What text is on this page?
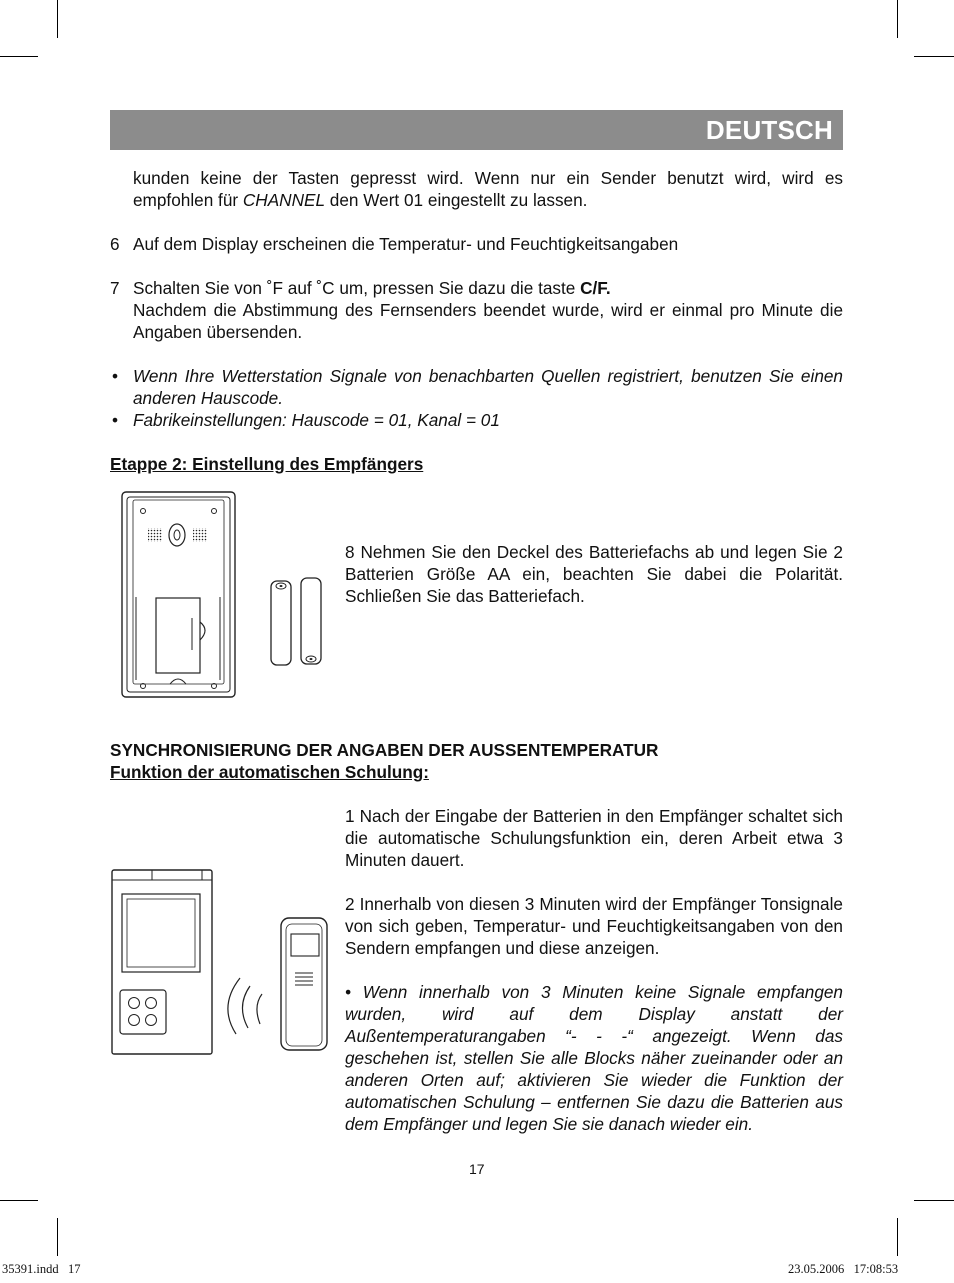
DEUTSCH

kunden keine der Tasten gepresst wird. Wenn nur ein Sender benutzt wird, wird es empfohlen für CHANNEL den Wert 01 eingestellt zu lassen.

6 Auf dem Display erscheinen die Temperatur- und Feuchtigkeitsangaben

7 Schalten Sie von ˚F auf ˚C um, pressen Sie dazu die taste C/F.

Nachdem die Abstimmung des Fernsenders beendet wurde, wird er einmal pro Minute die Angaben übersenden.

• Wenn Ihre Wetterstation Signale von benachbarten Quellen registriert, benutzen Sie einen anderen Hauscode.

• Fabrikeinstellungen: Hauscode = 01, Kanal = 01

Etappe 2: Einstellung des Empfängers

8 Nehmen Sie den Deckel des Batteriefachs ab und legen Sie 2 Batterien Größe AA ein, beachten Sie dabei die Polarität. Schließen Sie das Batteriefach.

SYNCHRONISIERUNG DER ANGABEN DER AUSSENTEMPERATUR

Funktion der automatischen Schulung:

1 Nach der Eingabe der Batterien in den Empfänger schaltet sich die automatische Schulungsfunktion ein, deren Arbeit etwa 3 Minuten dauert.

2 Innerhalb von diesen 3 Minuten wird der Empfänger Tonsignale von sich geben, Temperatur- und Feuchtigkeitsangaben von den Sendern empfangen und diese anzeigen.

• Wenn innerhalb von 3 Minuten keine Signale empfangen wurden, wird auf dem Display anstatt der Außentemperaturangaben “- - -“ angezeigt. Wenn das geschehen ist, stellen Sie alle Blocks näher zueinander oder an anderen Orten auf; aktivieren Sie wieder die Funktion der automatischen Schulung – entfernen Sie dazu die Batterien aus dem Empfänger und legen Sie sie danach wieder ein.

17
35391.indd   17	23.05.2006   17:08:53
